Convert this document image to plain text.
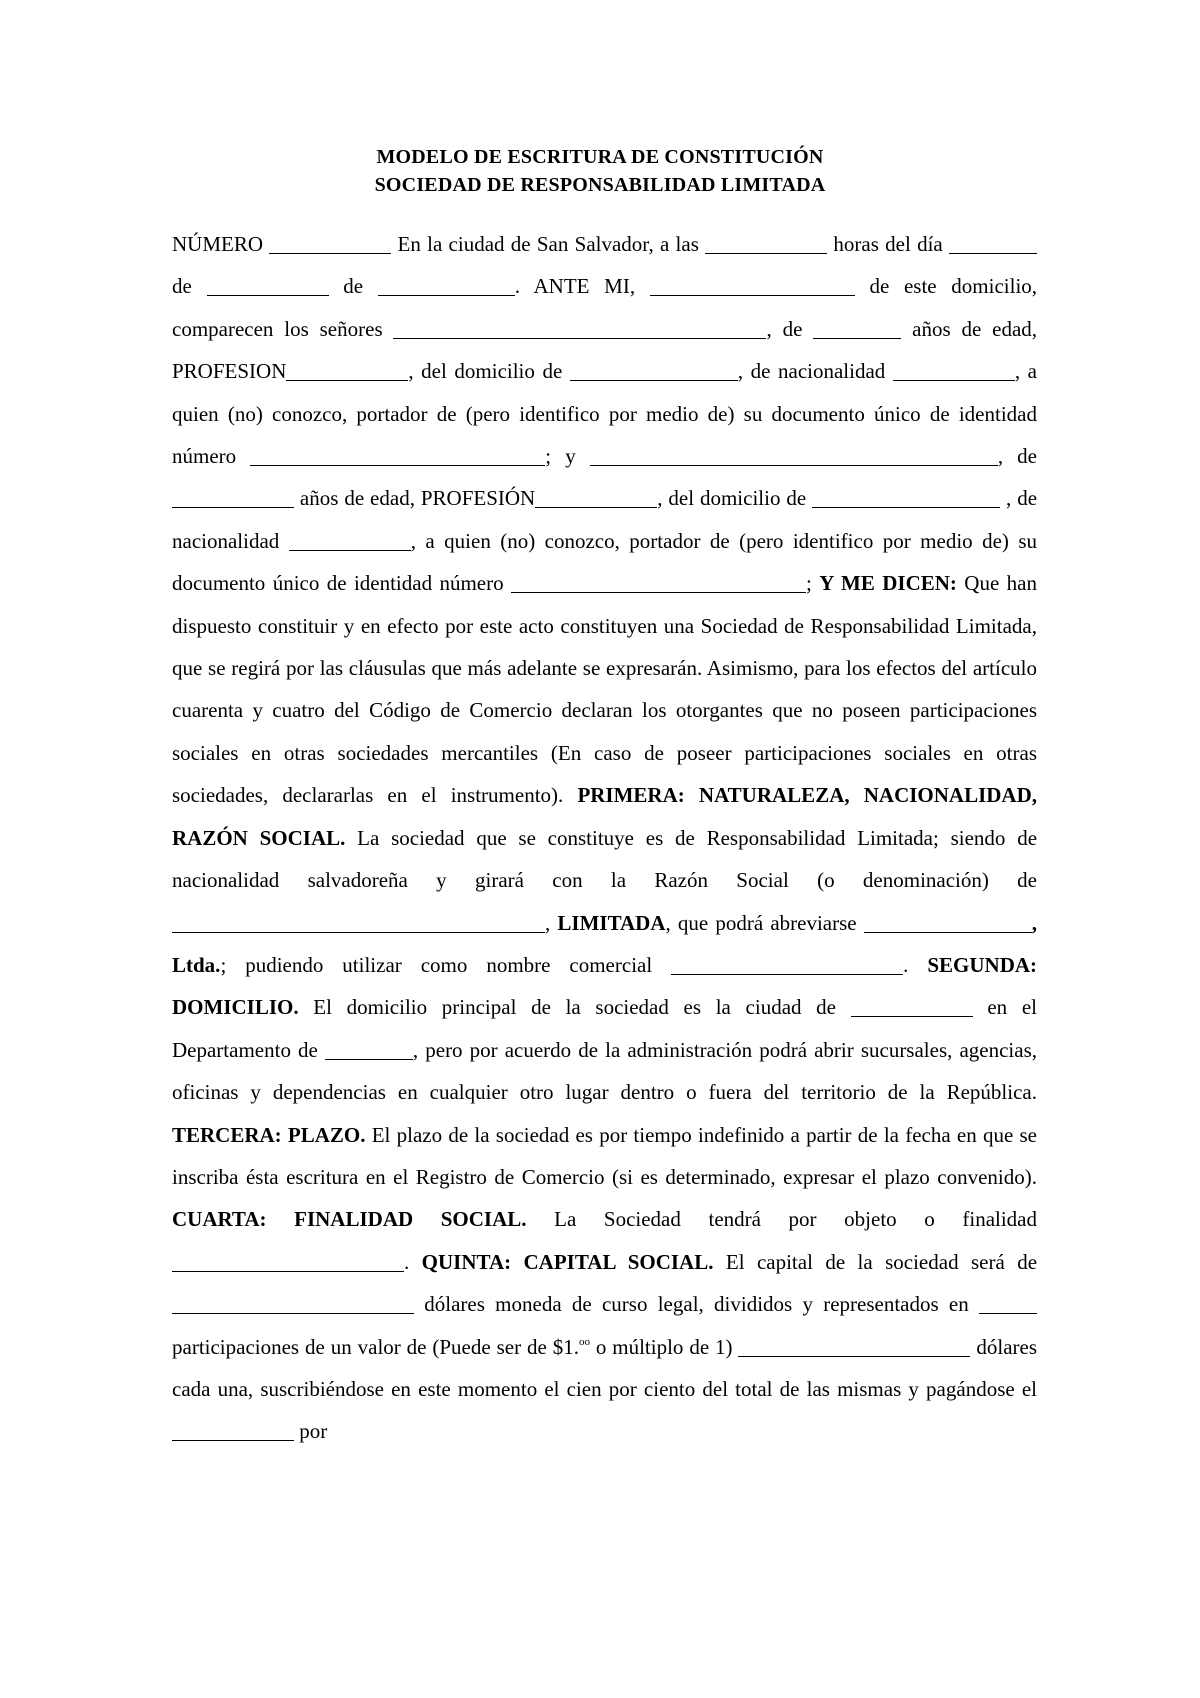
MODELO DE ESCRITURA DE CONSTITUCIÓN
SOCIEDAD DE RESPONSABILIDAD LIMITADA
NÚMERO	En la ciudad de San Salvador, a las	horas del día  de	de	. ANTE MI,	de este domicilio, comparecen los señores	, de	años de edad, PROFESION	, del domicilio de	, de nacionalidad	, a quien (no) conozco, portador de (pero identifico por medio de) su documento único de identidad número	; y	, de  años de edad, PROFESIÓN	, del domicilio de	, de nacionalidad	, a quien (no) conozco, portador de (pero identifico por medio de) su documento único de identidad número	; Y ME DICEN: Que han dispuesto constituir y en efecto por este acto constituyen una Sociedad de Responsabilidad Limitada, que se regirá por las cláusulas que más adelante se expresarán. Asimismo, para los efectos del artículo cuarenta y cuatro del Código de Comercio declaran los otorgantes que no poseen participaciones sociales en otras sociedades mercantiles (En caso de poseer participaciones sociales en otras sociedades, declararlas en el instrumento). PRIMERA: NATURALEZA, NACIONALIDAD, RAZÓN SOCIAL. La sociedad que se constituye es de Responsabilidad Limitada; siendo de nacionalidad salvadoreña y girará con la Razón Social (o denominación) de , LIMITADA, que podrá abreviarse	, Ltda.; pudiendo utilizar como nombre comercial	. SEGUNDA: DOMICILIO. El domicilio principal de la sociedad es la ciudad de	en el Departamento de	, pero por acuerdo de la administración podrá abrir sucursales, agencias, oficinas y dependencias en cualquier otro lugar dentro o fuera del territorio de la República. TERCERA: PLAZO. El plazo de la sociedad es por tiempo indefinido a partir de la fecha en que se inscriba ésta escritura en el Registro de Comercio (si es determinado, expresar el plazo convenido). CUARTA: FINALIDAD SOCIAL. La Sociedad tendrá por objeto o finalidad . QUINTA: CAPITAL SOCIAL. El capital de la sociedad será de  dólares moneda de curso legal, divididos y representados en  participaciones de un valor de (Puede ser de $1.$^{oo}$ o múltiplo de 1)	dólares cada una, suscribiéndose en este momento el cien por ciento del total de las mismas y pagándose el  por
